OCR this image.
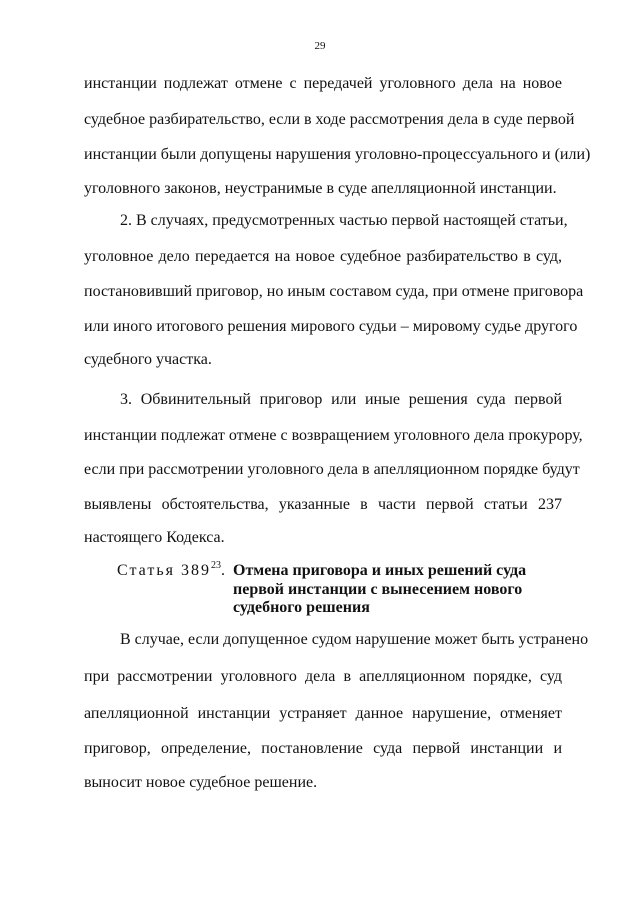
29
инстанции подлежат отмене с передачей уголовного дела на новое
судебное разбирательство, если в ходе рассмотрения дела в суде первой
инстанции были допущены нарушения уголовно-процессуального и (или)
уголовного законов, неустранимые в суде апелляционной инстанции.
2. В случаях, предусмотренных частью первой настоящей статьи,
уголовное дело передается на новое судебное разбирательство в суд,
постановивший приговор, но иным составом суда, при отмене приговора
или иного итогового решения мирового судьи – мировому судье другого
судебного участка.
3. Обвинительный приговор или иные решения суда первой
инстанции подлежат отмене с возвращением уголовного дела прокурору,
если при рассмотрении уголовного дела в апелляционном порядке будут
выявлены обстоятельства, указанные в части первой статьи 237
настоящего Кодекса.
Статья $389^{23}$. Отмена приговора и иных решений суда
первой инстанции с вынесением нового
судебного решения
В случае, если допущенное судом нарушение может быть устранено
при рассмотрении уголовного дела в апелляционном порядке, суд
апелляционной инстанции устраняет данное нарушение, отменяет
приговор, определение, постановление суда первой инстанции и
выносит новое судебное решение.
